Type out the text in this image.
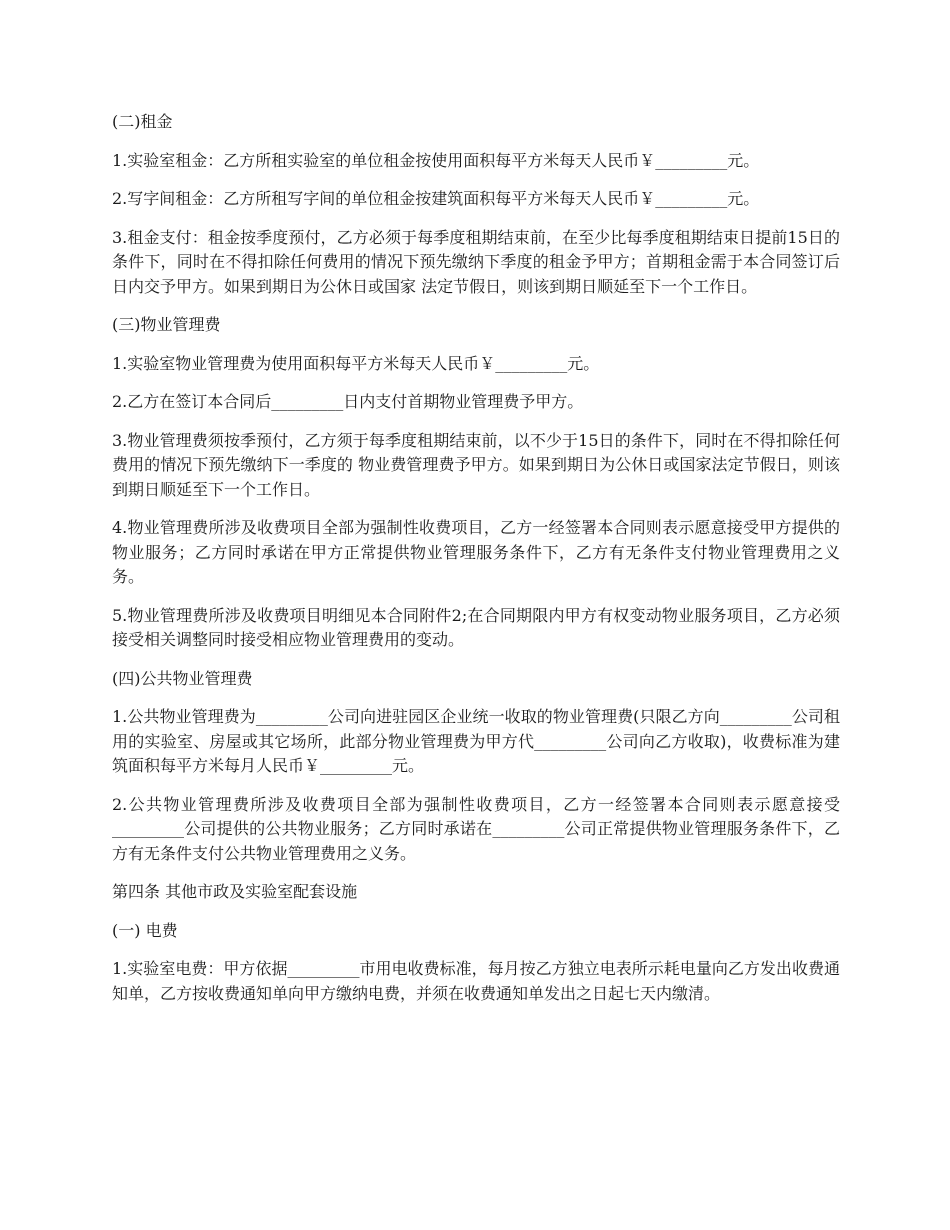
(二)租金

1.实验室租金：乙方所租实验室的单位租金按使用面积每平方米每天人民币￥_________元。

2.写字间租金：乙方所租写字间的单位租金按建筑面积每平方米每天人民币￥_________元。

3.租金支付：租金按季度预付，乙方必须于每季度租期结束前，在至少比每季度租期结束日提前15日的条件下，同时在不得扣除任何费用的情况下预先缴纳下季度的租金予甲方；首期租金需于本合同签订后日内交予甲方。如果到期日为公休日或国家 法定节假日，则该到期日顺延至下一个工作日。

(三)物业管理费

1.实验室物业管理费为使用面积每平方米每天人民币￥_________元。

2.乙方在签订本合同后_________日内支付首期物业管理费予甲方。

3.物业管理费须按季预付，乙方须于每季度租期结束前，以不少于15日的条件下，同时在不得扣除任何费用的情况下预先缴纳下一季度的 物业费管理费予甲方。如果到期日为公休日或国家法定节假日，则该到期日顺延至下一个工作日。

4.物业管理费所涉及收费项目全部为强制性收费项目，乙方一经签署本合同则表示愿意接受甲方提供的物业服务；乙方同时承诺在甲方正常提供物业管理服务条件下，乙方有无条件支付物业管理费用之义务。

5.物业管理费所涉及收费项目明细见本合同附件2;在合同期限内甲方有权变动物业服务项目，乙方必须接受相关调整同时接受相应物业管理费用的变动。

(四)公共物业管理费

1.公共物业管理费为_________公司向进驻园区企业统一收取的物业管理费(只限乙方向_________公司租用的实验室、房屋或其它场所，此部分物业管理费为甲方代_________公司向乙方收取)，收费标准为建筑面积每平方米每月人民币￥_________元。

2.公共物业管理费所涉及收费项目全部为强制性收费项目，乙方一经签署本合同则表示愿意接受_________公司提供的公共物业服务；乙方同时承诺在_________公司正常提供物业管理服务条件下，乙方有无条件支付公共物业管理费用之义务。

第四条 其他市政及实验室配套设施

(一) 电费

1.实验室电费：甲方依据_________市用电收费标准，每月按乙方独立电表所示耗电量向乙方发出收费通知单，乙方按收费通知单向甲方缴纳电费，并须在收费通知单发出之日起七天内缴清。
